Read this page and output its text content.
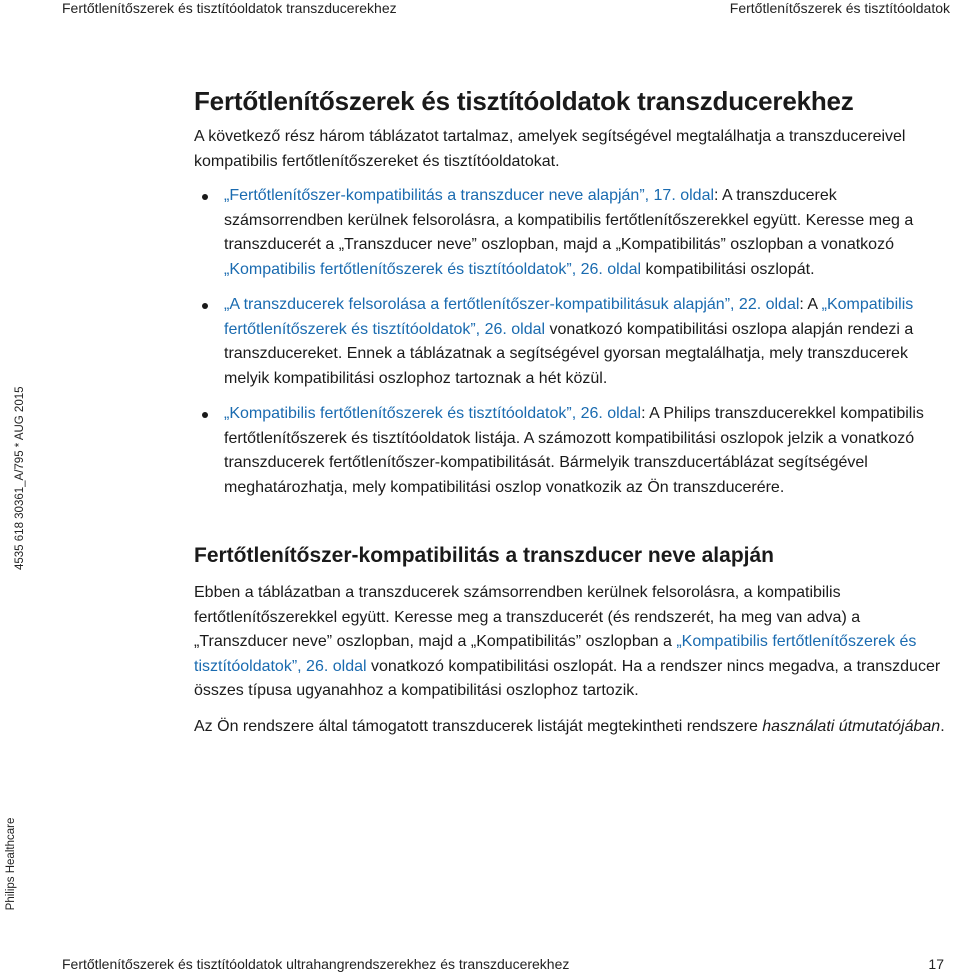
Fertőtlenítőszerek és tisztítóoldatok transzducerekhez	Fertőtlenítőszerek és tisztítóoldatok
4535 618 30361_A/795 * AUG 2015
Philips Healthcare
Fertőtlenítőszerek és tisztítóoldatok transzducerekhez

A következő rész három táblázatot tartalmaz, amelyek segítségével megtalálhatja a transzducereivel kompatibilis fertőtlenítőszereket és tisztítóoldatokat.

„Fertőtlenítőszer-kompatibilitás a transzducer neve alapján”, 17. oldal: A transzducerek számsorrendben kerülnek felsorolásra, a kompatibilis fertőtlenítőszerekkel együtt. Keresse meg a transzducerét a „Transzducer neve” oszlopban, majd a „Kompatibilitás” oszlopban a vonatkozó „Kompatibilis fertőtlenítőszerek és tisztítóoldatok”, 26. oldal kompatibilitási oszlopát.
„A transzducerek felsorolása a fertőtlenítőszer-kompatibilitásuk alapján”, 22. oldal: A „Kompatibilis fertőtlenítőszerek és tisztítóoldatok”, 26. oldal vonatkozó kompatibilitási oszlopa alapján rendezi a transzducereket. Ennek a táblázatnak a segítségével gyorsan megtalálhatja, mely transzducerek melyik kompatibilitási oszlophoz tartoznak a hét közül.
„Kompatibilis fertőtlenítőszerek és tisztítóoldatok”, 26. oldal: A Philips transzducerekkel kompatibilis fertőtlenítőszerek és tisztítóoldatok listája. A számozott kompatibilitási oszlopok jelzik a vonatkozó transzducerek fertőtlenítőszer-kompatibilitását. Bármelyik transzducertáblázat segítségével meghatározhatja, mely kompatibilitási oszlop vonatkozik az Ön transzducerére.
Fertőtlenítőszer-kompatibilitás a transzducer neve alapján

Ebben a táblázatban a transzducerek számsorrendben kerülnek felsorolásra, a kompatibilis fertőtlenítőszerekkel együtt. Keresse meg a transzducerét (és rendszerét, ha meg van adva) a „Transzducer neve” oszlopban, majd a „Kompatibilitás” oszlopban a „Kompatibilis fertőtlenítőszerek és tisztítóoldatok”, 26. oldal vonatkozó kompatibilitási oszlopát. Ha a rendszer nincs megadva, a transzducer összes típusa ugyanahhoz a kompatibilitási oszlophoz tartozik.

Az Ön rendszere által támogatott transzducerek listáját megtekintheti rendszere használati útmutatójában.

Fertőtlenítőszerek és tisztítóoldatok ultrahangrendszerekhez és transzducerekhez	17
